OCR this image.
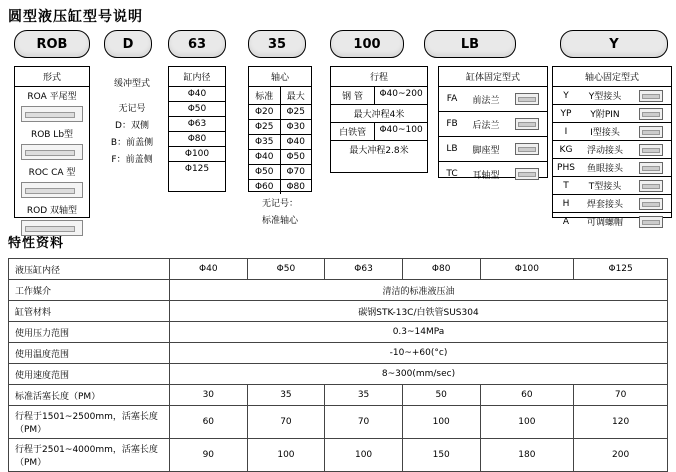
圆型液压缸型号说明
特性资料
ROB	D	63	35	100	LB	Y
形式
ROA 平尾型
ROB Lb型
ROC CA 型
ROD 双轴型
缓冲型式
无记号
D：双侧
B：前盖侧
F：前盖侧
缸内径
Φ40
Φ50
Φ63
Φ80
Φ100
Φ125
轴心
标准	最大
Φ20	Φ25
Φ25	Φ30
Φ35	Φ40
Φ40	Φ50
Φ50	Φ70
Φ60	Φ80
无记号：
标准轴心
行程
钢 管	Φ40~200
最大冲程4米
白铁管	Φ40~100
最大冲程2.8米
缸体固定型式
FA	前法兰
FB	后法兰
LB	脚座型
TC	耳轴型
轴心固定型式
Y	Y型接头
YP	Y附PIN
I	I型接头
KG	浮动接头
PHS	鱼眼接头
T	T型接头
H	焊套接头
A	可调螺帽
液压缸内径	Φ40	Φ50	Φ63	Φ80	Φ100	Φ125
工作媒介	清洁的标准液压油					
缸管材料	碳钢STK-13C/白铁管SUS304					
使用压力范围	0.3~14MPa					
使用温度范围	-10~+60(°c)					
使用速度范围	8~300(mm/sec)					
标准活塞长度（PM）	30	35	35	50	60	70
行程于1501~2500mm，活塞长度（PM）	60	70	70	100	100	120
行程于2501~4000mm，活塞长度（PM）	90	100	100	150	180	200
